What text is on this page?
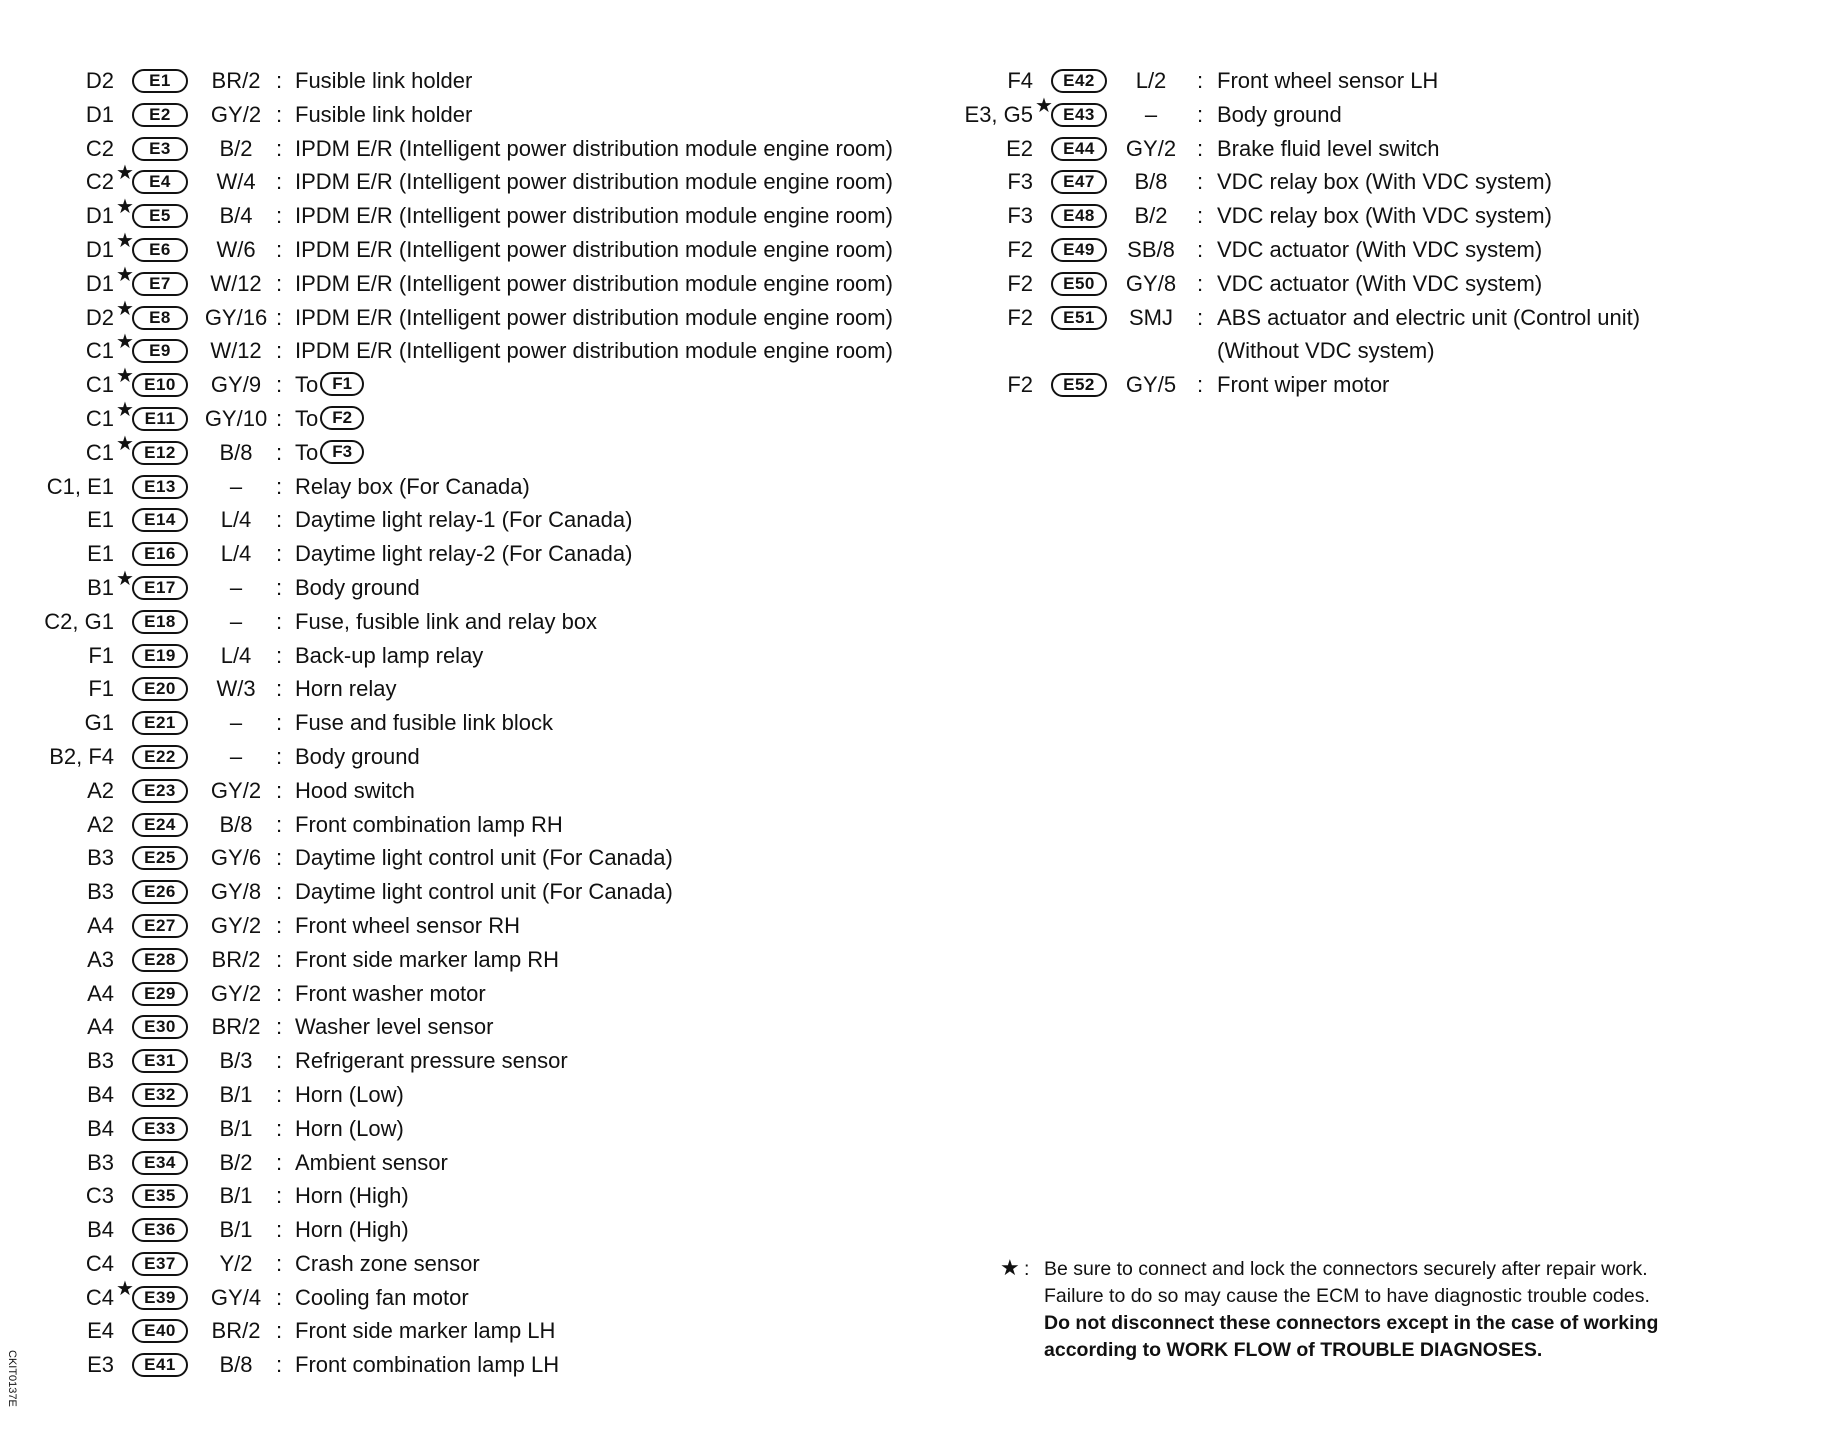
D2	E1	BR/2 : Fusible link holder
D1	E2	GY/2 : Fusible link holder
C2	E3	B/2	: IPDM E/R (Intelligent power distribution module engine room)
C2 ★ E4	W/4 : IPDM E/R (Intelligent power distribution module engine room)
D1 ★ E5	B/4	: IPDM E/R (Intelligent power distribution module engine room)
D1 ★ E6	W/6 : IPDM E/R (Intelligent power distribution module engine room)
D1 ★ E7	W/12 : IPDM E/R (Intelligent power distribution module engine room)
D2 ★ E8	GY/16 : IPDM E/R (Intelligent power distribution module engine room)
C1 ★ E9	W/12 : IPDM E/R (Intelligent power distribution module engine room)
C1 ★ E10	GY/9 : To F1
C1 ★ E11	GY/10 : To F2
C1 ★ E12	B/8	: To F3
C1, E1	E13	–	: Relay box (For Canada)
E1	E14	L/4	: Daytime light relay-1 (For Canada)
E1	E16	L/4	: Daytime light relay-2 (For Canada)
B1 ★ E17	–	: Body ground
C2, G1	E18	–	: Fuse, fusible link and relay box
F1	E19	L/4	: Back-up lamp relay
F1	E20	W/3 : Horn relay
G1	E21	–	: Fuse and fusible link block
B2, F4	E22	–	: Body ground
A2	E23	GY/2 : Hood switch
A2	E24	B/8	: Front combination lamp RH
B3	E25	GY/6 : Daytime light control unit (For Canada)
B3	E26	GY/8 : Daytime light control unit (For Canada)
A4	E27	GY/2 : Front wheel sensor RH
A3	E28	BR/2 : Front side marker lamp RH
A4	E29	GY/2 : Front washer motor
A4	E30	BR/2 : Washer level sensor
B3	E31	B/3	: Refrigerant pressure sensor
B4	E32	B/1	: Horn (Low)
B4	E33	B/1	: Horn (Low)
B3	E34	B/2	: Ambient sensor
C3	E35	B/1	: Horn (High)
B4	E36	B/1	: Horn (High)
C4	E37	Y/2	: Crash zone sensor
C4 ★ E39	GY/4 : Cooling fan motor
E4	E40	BR/2 : Front side marker lamp LH
E3	E41	B/8	: Front combination lamp LH
F4	E42	L/2	: Front wheel sensor LH
E3, G5 ★ E43	–	: Body ground
E2	E44	GY/2 : Brake fluid level switch
F3	E47	B/8	: VDC relay box (With VDC system)
F3	E48	B/2	: VDC relay box (With VDC system)
F2	E49	SB/8	: VDC actuator (With VDC system)
F2	E50	GY/8 : VDC actuator (With VDC system)
F2	E51	SMJ	: ABS actuator and electric unit (Control unit)
(Without VDC system)
F2	E52	GY/5 : Front wiper motor
★ : Be sure to connect and lock the connectors securely after repair work.
Failure to do so may cause the ECM to have diagnostic trouble codes.
Do not disconnect these connectors except in the case of working
according to WORK FLOW of TROUBLE DIAGNOSES.
CKIT0137E
